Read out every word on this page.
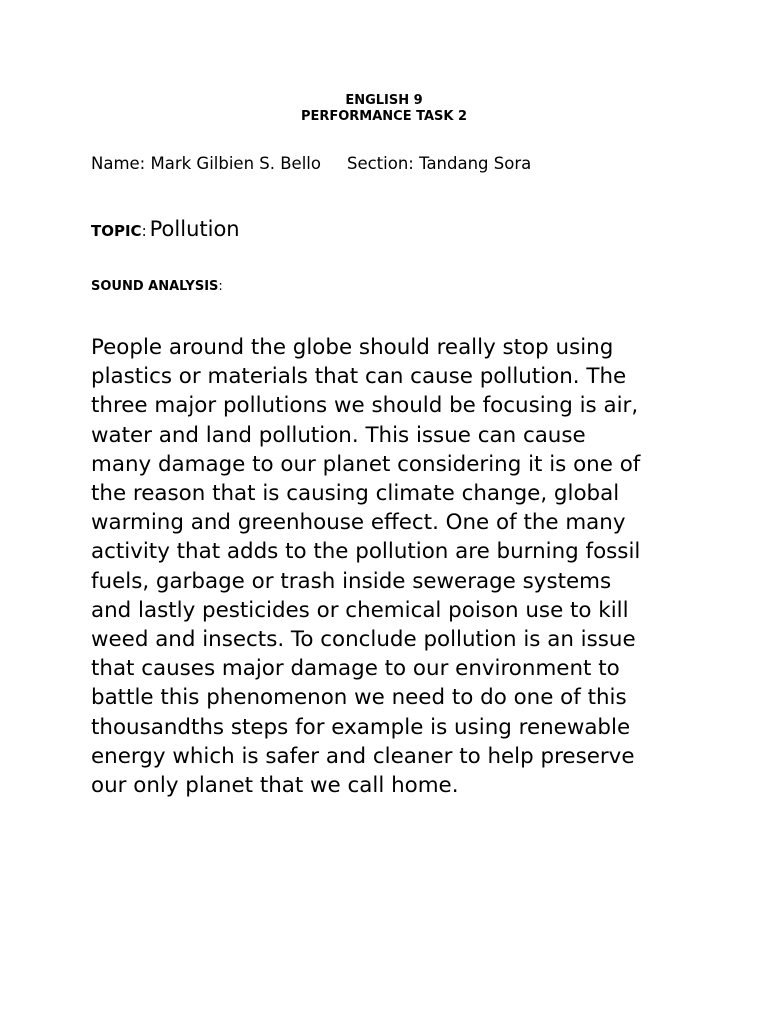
ENGLISH 9
PERFORMANCE TASK 2
Name: Mark Gilbien S. Bello Section: Tandang Sora
TOPIC: Pollution
SOUND ANALYSIS:
People around the globe should really stop using
plastics or materials that can cause pollution. The
three major pollutions we should be focusing is air,
water and land pollution. This issue can cause
many damage to our planet considering it is one of
the reason that is causing climate change, global
warming and greenhouse effect. One of the many
activity that adds to the pollution are burning fossil
fuels, garbage or trash inside sewerage systems
and lastly pesticides or chemical poison use to kill
weed and insects. To conclude pollution is an issue
that causes major damage to our environment to
battle this phenomenon we need to do one of this
thousandths steps for example is using renewable
energy which is safer and cleaner to help preserve
our only planet that we call home.
